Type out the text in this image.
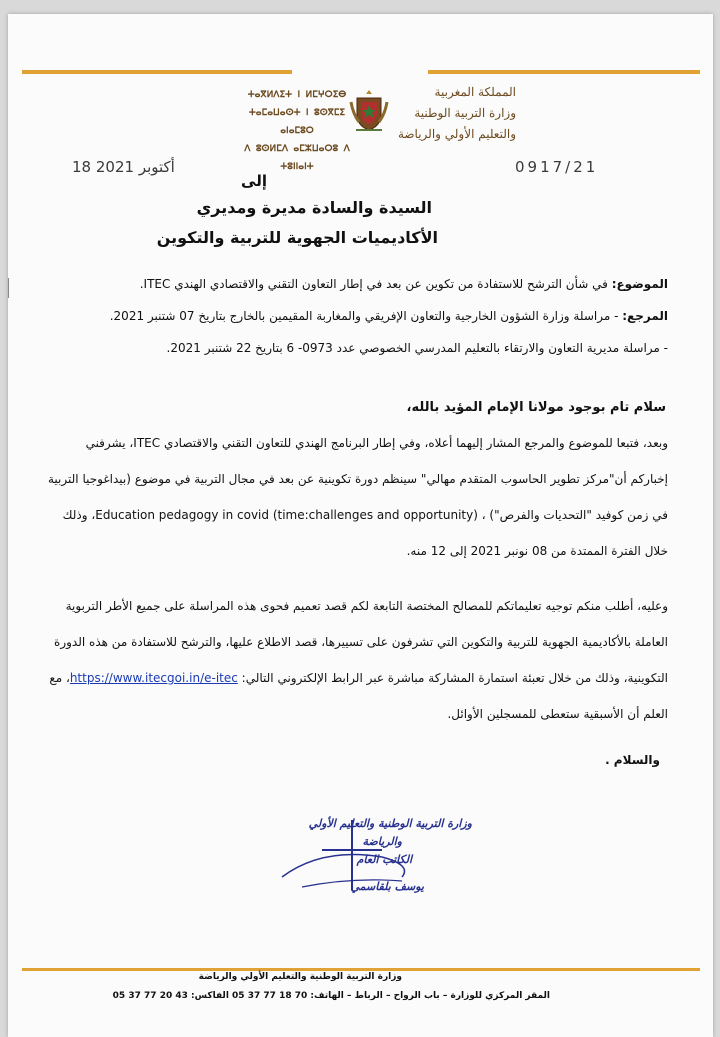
ⵜⴰⴳⵍⴷⵉⵜ ⵏ ⵍⵎⵖⵔⵉⴱ
ⵜⴰⵎⴰⵡⴰⵙⵜ ⵏ ⵓⵙⴳⵎⵉ ⴰⵏⴰⵎⵓⵔ
ⴷ ⵓⵙⵍⵎⴷ ⴰⵎⵣⵡⴰⵔⵓ ⴷ ⵜⵓⵏⵏⴰⵏⵜ
المملكة المغربية
وزارة التربية الوطنية
والتعليم الأولي والرياضة
18 أكتوبر 2021	0917/21
إلى
السيدة والسادة مديرة ومديري
الأكاديميات الجهوية للتربية والتكوين
الموضوع: في شأن الترشح للاستفادة من تكوين عن بعد في إطار التعاون التقني والاقتصادي الهندي ITEC.
المرجع: - مراسلة وزارة الشؤون الخارجية والتعاون الإفريقي والمغاربة المقيمين بالخارج بتاريخ 07 شتنبر 2021.
- مراسلة مديرية التعاون والارتقاء بالتعليم المدرسي الخصوصي عدد 0973- 6 بتاريخ 22 شتنبر 2021.
سلام تام بوجود مولانا الإمام المؤيد بالله،
وبعد، فتبعا للموضوع والمرجع المشار إليهما أعلاه، وفي إطار البرنامج الهندي للتعاون التقني والاقتصادي ITEC، يشرفني إخباركم أن"مركز تطوير الحاسوب المتقدم مهالي" سينظم دورة تكوينية عن بعد في مجال التربية في موضوع (بيداغوجيا التربية في زمن كوفيد "التحديات والفرص") ، Education pedagogy in covid (time:challenges and opportunity)، وذلك خلال الفترة الممتدة من 08 نونبر 2021 إلى 12 منه.
وعليه، أطلب منكم توجيه تعليماتكم للمصالح المختصة التابعة لكم قصد تعميم فحوى هذه المراسلة على جميع الأطر التربوية العاملة بالأكاديمية الجهوية للتربية والتكوين التي تشرفون على تسييرها، قصد الاطلاع عليها، والترشح للاستفادة من هذه الدورة التكوينية، وذلك من خلال تعبئة استمارة المشاركة مباشرة عبر الرابط الإلكتروني التالي: https://www.itecgoi.in/e-itec، مع العلم أن الأسبقية ستعطى للمسجلين الأوائل.
والسلام .
وزارة التربية الوطنية والتعليم الأولي
والرياضة
الكاتب العام
يوسف بلقاسمي
وزارة التربية الوطنية والتعليم الأولي والرياضة
المقر المركزي للوزارة – باب الرواح – الرباط – الهاتف: 70 18 77 37 05 الفاكس: 43 20 77 37 05
